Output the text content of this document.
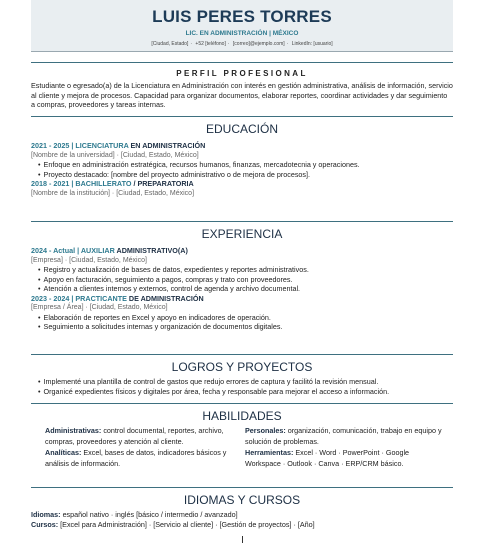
LUIS PERES TORRES
LIC. EN ADMINISTRACIÓN | MÉXICO
[Ciudad, Estado] · +52 [teléfono] · [correo]@ejemplo.com] · LinkedIn: [usuario]
PERFIL PROFESIONAL

Estudiante o egresado(a) de la Licenciatura en Administración con interés en gestión administrativa, análisis de información, servicio al cliente y mejora de procesos. Capacidad para organizar documentos, elaborar reportes, coordinar actividades y dar seguimiento a compras, proveedores y tareas internas.

EDUCACIÓN
2021 - 2025 | LICENCIATURA EN ADMINISTRACIÓN
[Nombre de la universidad] · [Ciudad, Estado, México]
• Enfoque en administración estratégica, recursos humanos, finanzas, mercadotecnia y operaciones.
• Proyecto destacado: [nombre del proyecto administrativo o de mejora de procesos].
2018 - 2021 | BACHILLERATO / PREPARATORIA
[Nombre de la institución] · [Ciudad, Estado, México]
EXPERIENCIA
2024 - Actual | AUXILIAR ADMINISTRATIVO(A)
[Empresa] · [Ciudad, Estado, México]
• Registro y actualización de bases de datos, expedientes y reportes administrativos.
• Apoyo en facturación, seguimiento a pagos, compras y trato con proveedores.
• Atención a clientes internos y externos, control de agenda y archivo documental.
2023 - 2024 | PRACTICANTE DE ADMINISTRACIÓN
[Empresa / Área] · [Ciudad, Estado, México]
• Elaboración de reportes en Excel y apoyo en indicadores de operación.
• Seguimiento a solicitudes internas y organización de documentos digitales.
LOGROS Y PROYECTOS
• Implementé una plantilla de control de gastos que redujo errores de captura y facilitó la revisión mensual.
• Organicé expedientes físicos y digitales por área, fecha y responsable para mejorar el acceso a información.
HABILIDADES
Administrativas: control documental, reportes, archivo, compras, proveedores y atención al cliente.
Analíticas: Excel, bases de datos, indicadores básicos y análisis de información.
Personales: organización, comunicación, trabajo en equipo y solución de problemas.
Herramientas: Excel · Word · PowerPoint · Google Workspace · Outlook · Canva · ERP/CRM básico.
IDIOMAS Y CURSOS
Idiomas: español nativo · inglés [básico / intermedio / avanzado]
Cursos: [Excel para Administración] · [Servicio al cliente] · [Gestión de proyectos] · [Año]
